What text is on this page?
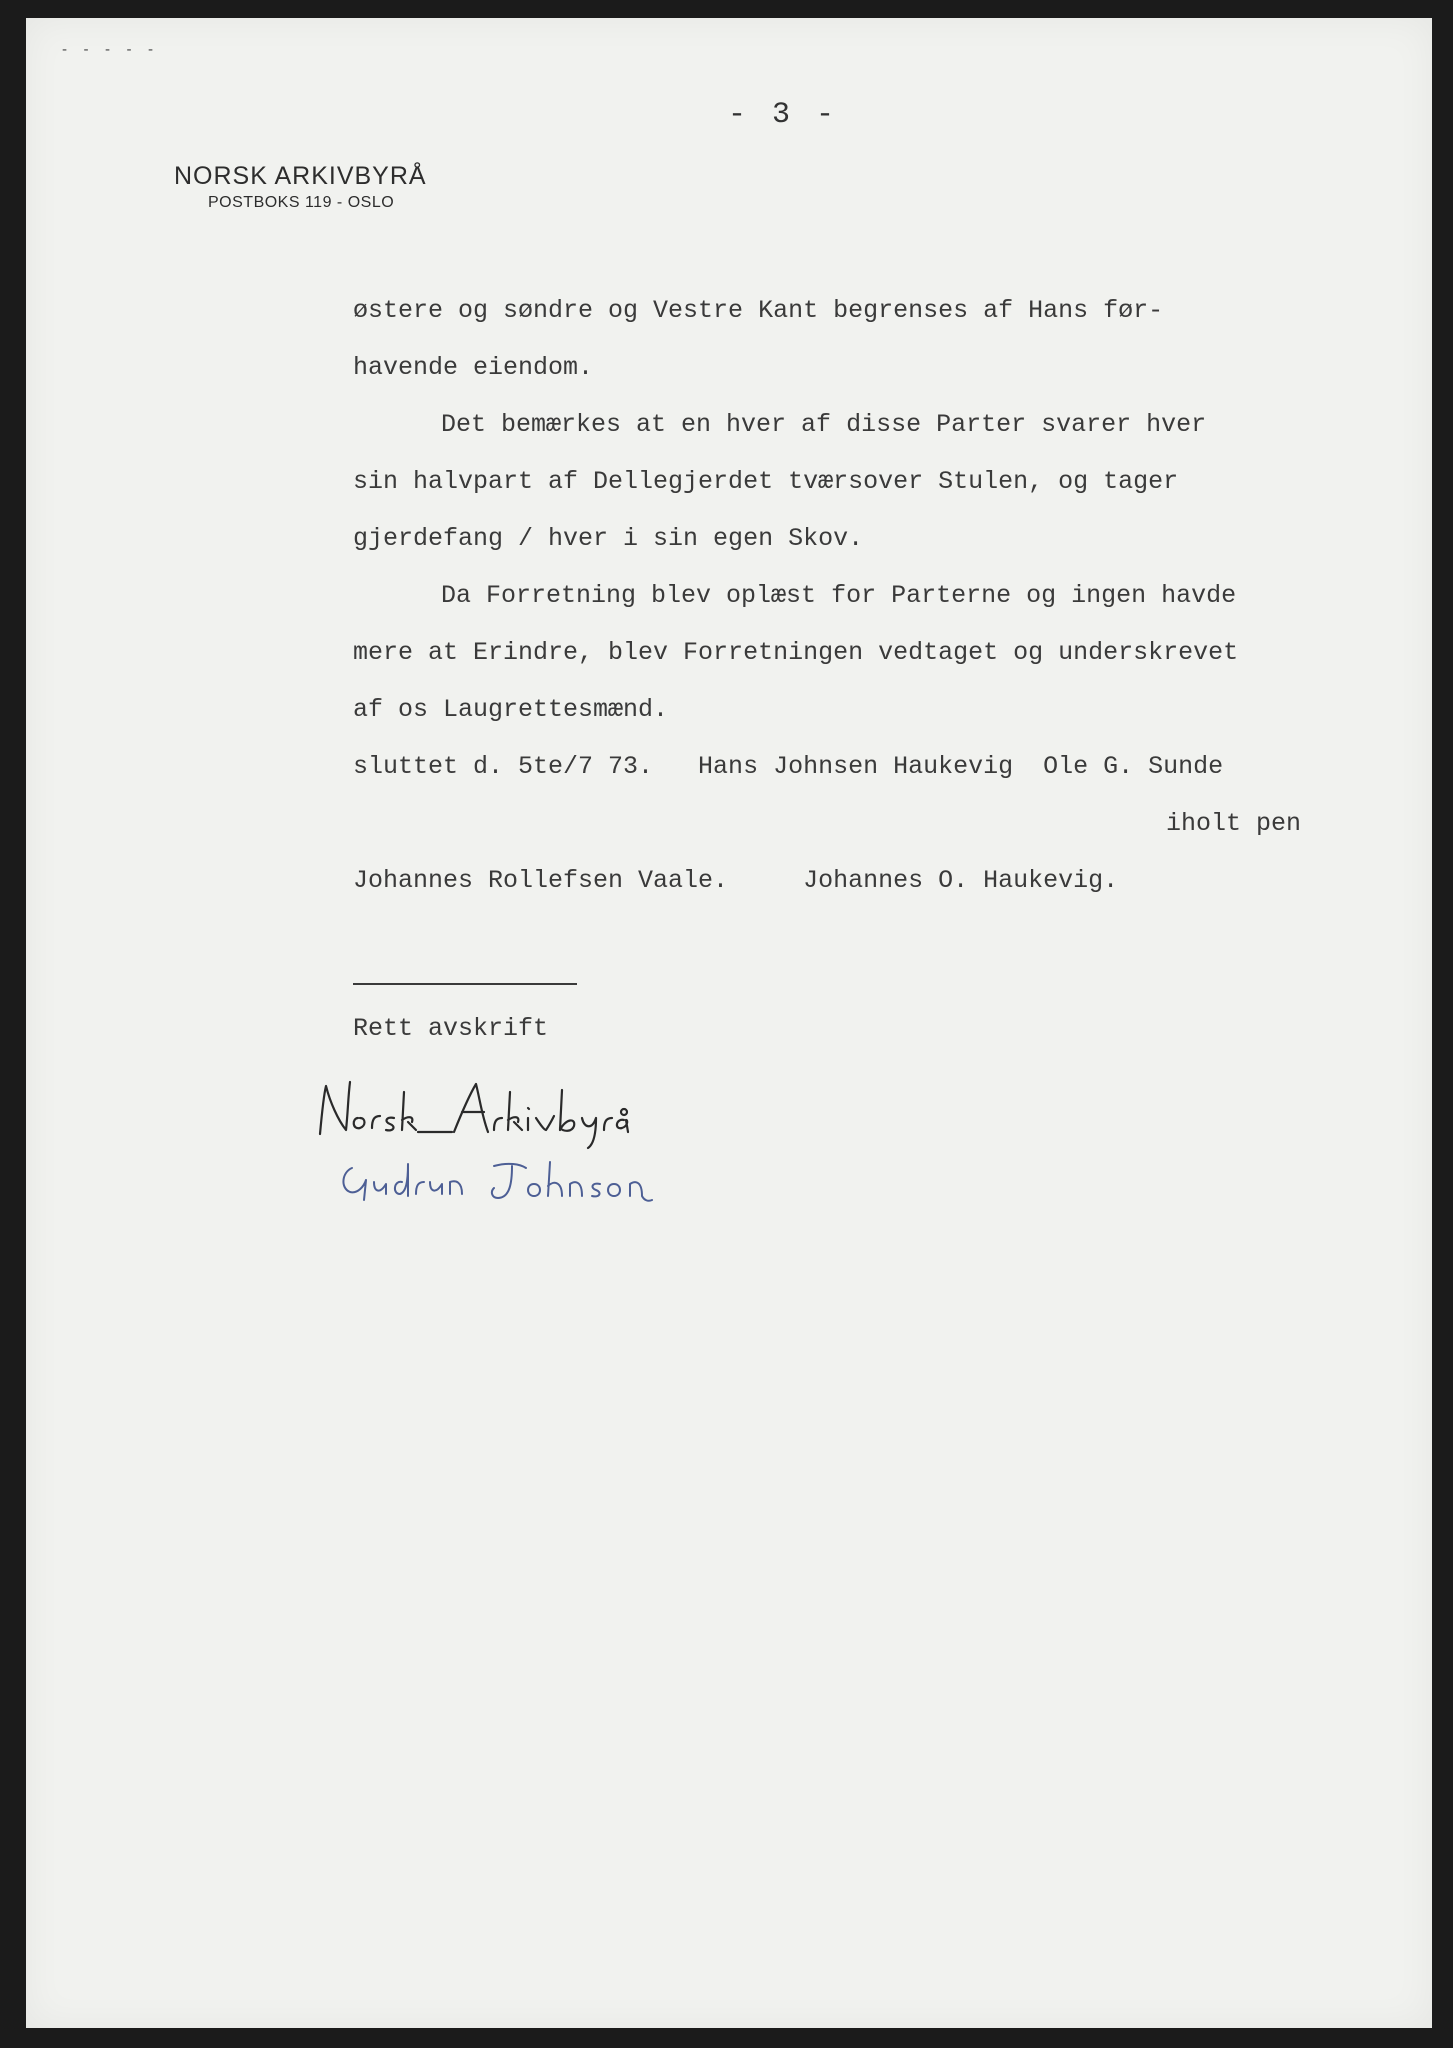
- - - - -
- 3 -
NORSK ARKIVBYRÅ
POSTBOKS 119 - OSLO
østere og søndre og Vestre Kant begrenses af Hans før-
havende eiendom.
Det bemærkes at en hver af disse Parter svarer hver
sin halvpart af Dellegjerdet tværsover Stulen, og tager
gjerdefang / hver i sin egen Skov.
Da Forretning blev oplæst for Parterne og ingen havde
mere at Erindre, blev Forretningen vedtaget og underskrevet
af os Laugrettesmænd.
sluttet d. 5te/7 73.   Hans Johnsen Haukevig  Ole G. Sunde
iholt pen
Johannes Rollefsen Vaale.     Johannes O. Haukevig.
Rett avskrift
